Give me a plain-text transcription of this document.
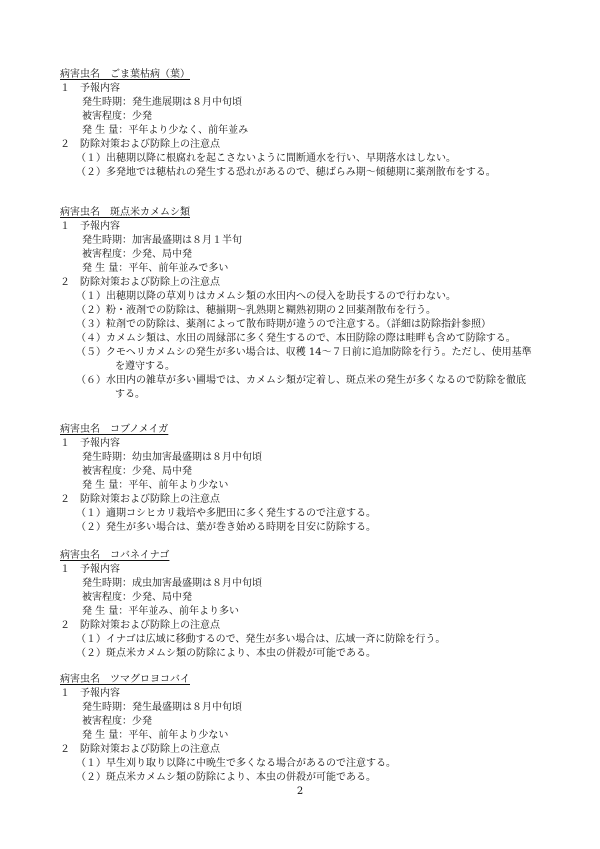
病害虫名　ごま葉枯病（葉）
１　予報内容
発生時期：発生進展期は８月中旬頃
被害程度：少発
発 生 量：平年より少なく、前年並み
２　防除対策および防除上の注意点
（１）出穂期以降に根腐れを起こさないように間断通水を行い、早期落水はしない。
（２）多発地では穂枯れの発生する恐れがあるので、穂ばらみ期～傾穂期に薬剤散布をする。
病害虫名　斑点米カメムシ類
１　予報内容
発生時期：加害最盛期は８月１半旬
被害程度：少発、局中発
発 生 量：平年、前年並みで多い
２　防除対策および防除上の注意点
（１）出穂期以降の草刈りはカメムシ類の水田内への侵入を助長するので行わない。
（２）粉・液剤での防除は、穂揃期～乳熟期と糊熟初期の２回薬剤散布を行う。
（３）粒剤での防除は、薬剤によって散布時期が違うので注意する。（詳細は防除指針参照）
（４）カメムシ類は、水田の周縁部に多く発生するので、本田防除の際は畦畔も含めて防除する。
（５）クモヘリカメムシの発生が多い場合は、収穫 14～７日前に追加防除を行う。ただし、使用基準
を遵守する。
（６）水田内の雑草が多い圃場では、カメムシ類が定着し、斑点米の発生が多くなるので防除を徹底
する。
病害虫名　コブノメイガ
１　予報内容
発生時期：幼虫加害最盛期は８月中旬頃
被害程度：少発、局中発
発 生 量：平年、前年より少ない
２　防除対策および防除上の注意点
（１）適期コシヒカリ栽培や多肥田に多く発生するので注意する。
（２）発生が多い場合は、葉が巻き始める時期を目安に防除する。
病害虫名　コバネイナゴ
１　予報内容
発生時期：成虫加害最盛期は８月中旬頃
被害程度：少発、局中発
発 生 量：平年並み、前年より多い
２　防除対策および防除上の注意点
（１）イナゴは広域に移動するので、発生が多い場合は、広域一斉に防除を行う。
（２）斑点米カメムシ類の防除により、本虫の併殺が可能である。
病害虫名　ツマグロヨコバイ
１　予報内容
発生時期：発生最盛期は８月中旬頃
被害程度：少発
発 生 量：平年、前年より少ない
２　防除対策および防除上の注意点
（１）早生刈り取り以降に中晩生で多くなる場合があるので注意する。
（２）斑点米カメムシ類の防除により、本虫の併殺が可能である。
2
